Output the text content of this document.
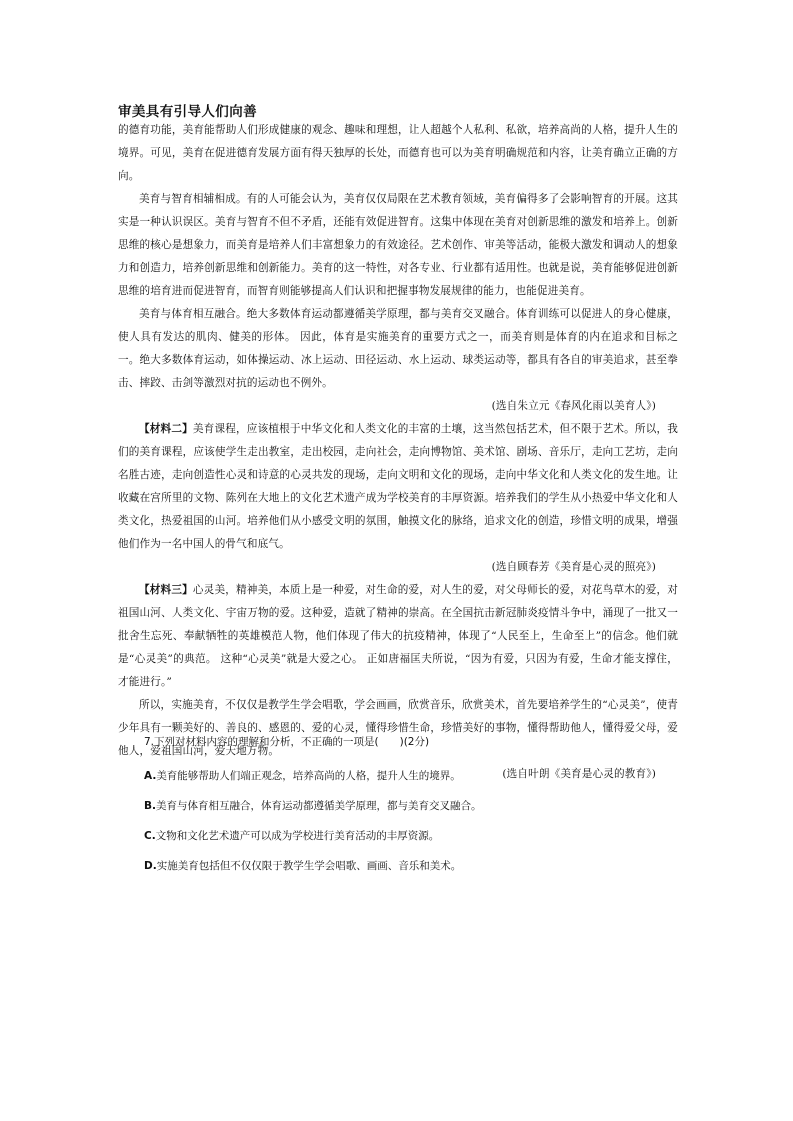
审美具有引导人们向善

的德育功能，美育能帮助人们形成健康的观念、趣味和理想，让人超越个人私利、私欲，培养高尚的人格，提升人生的境界。可见，美育在促进德育发展方面有得天独厚的长处，而德育也可以为美育明确规范和内容，让美育确立正确的方向。

美育与智育相辅相成。有的人可能会认为，美育仅仅局限在艺术教育领域，美育偏得多了会影响智育的开展。这其实是一种认识误区。美育与智育不但不矛盾，还能有效促进智育。这集中体现在美育对创新思维的激发和培养上。创新思维的核心是想象力，而美育是培养人们丰富想象力的有效途径。艺术创作、审美等活动，能极大激发和调动人的想象力和创造力，培养创新思维和创新能力。美育的这一特性，对各专业、行业都有适用性。也就是说，美育能够促进创新思维的培育进而促进智育，而智育则能够提高人们认识和把握事物发展规律的能力，也能促进美育。

美育与体育相互融合。绝大多数体育运动都遵循美学原理，都与美育交叉融合。体育训练可以促进人的身心健康，使人具有发达的肌肉、健美的形体。 因此，体育是实施美育的重要方式之一，而美育则是体育的内在追求和目标之一。绝大多数体育运动，如体操运动、冰上运动、田径运动、水上运动、球类运动等，都具有各自的审美追求，甚至拳击、摔跤、击剑等激烈对抗的运动也不例外。

(选自朱立元《春风化雨以美育人》)

【材料二】美育课程，应该植根于中华文化和人类文化的丰富的土壤，这当然包括艺术，但不限于艺术。所以，我们的美育课程，应该使学生走出教室，走出校园，走向社会，走向博物馆、美术馆、剧场、音乐厅，走向工艺坊，走向名胜古迹，走向创造性心灵和诗意的心灵共发的现场，走向文明和文化的现场，走向中华文化和人类文化的发生地。让收藏在宫所里的文物、陈列在大地上的文化艺术遗产成为学校美育的丰厚资源。培养我们的学生从小热爱中华文化和人类文化，热爱祖国的山河。培养他们从小感受文明的氛围，触摸文化的脉络，追求文化的创造，珍惜文明的成果，增强他们作为一名中国人的骨气和底气。

(选自顾春芳《美育是心灵的照亮》)

【材料三】心灵美，精神美，本质上是一种爱，对生命的爱，对人生的爱，对父母师长的爱，对花鸟草木的爱，对祖国山河、人类文化、宇宙万物的爱。这种爱，造就了精神的崇高。在全国抗击新冠肺炎疫情斗争中，涌现了一批又一批舍生忘死、奉献牺牲的英雄模范人物，他们体现了伟大的抗疫精神，体现了“人民至上，生命至上”的信念。他们就是“心灵美”的典范。 这种“心灵美”就是大爱之心。 正如唐福匡夫所说，“因为有爱，只因为有爱，生命才能支撑住，才能进行。”

所以，实施美育，不仅仅是教学生学会唱歌，学会画画，欣赏音乐，欣赏美术，首先要培养学生的“心灵美”，使青少年具有一颗美好的、善良的、感恩的、爱的心灵，懂得珍惜生命，珍惜美好的事物，懂得帮助他人，懂得爱父母，爱他人，爱祖国山河，爱天地万物。

(选自叶朗《美育是心灵的教育》)

7.下列对材料内容的理解和分析，不正确的一项是(　　)(2分)
A.美育能够帮助人们端正观念，培养高尚的人格，提升人生的境界。
B.美育与体育相互融合，体育运动都遵循美学原理，都与美育交叉融合。
C.文物和文化艺术遗产可以成为学校进行美育活动的丰厚资源。
D.实施美育包括但不仅仅限于教学生学会唱歌、画画、音乐和美术。
